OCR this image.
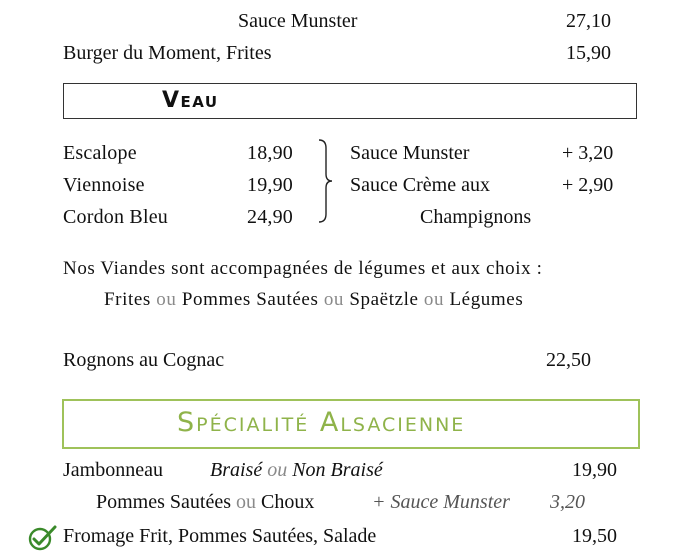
Sauce Munster	27,10
Burger du Moment, Frites	15,90
Veau
Escalope	18,90
Viennoise	19,90
Cordon Bleu	24,90
Sauce Munster	+ 3,20
Sauce Crème aux	+ 2,90
Champignons
Nos Viandes sont accompagnées de légumes et aux choix :
Frites ou Pommes Sautées ou Spaëtzle ou Légumes
Rognons au Cognac	22,50
Spécialité Alsacienne
Jambonneau Braisé ou Non Braisé	19,90
Pommes Sautées ou Choux	+ Sauce Munster 3,20
Fromage Frit, Pommes Sautées, Salade	19,50
